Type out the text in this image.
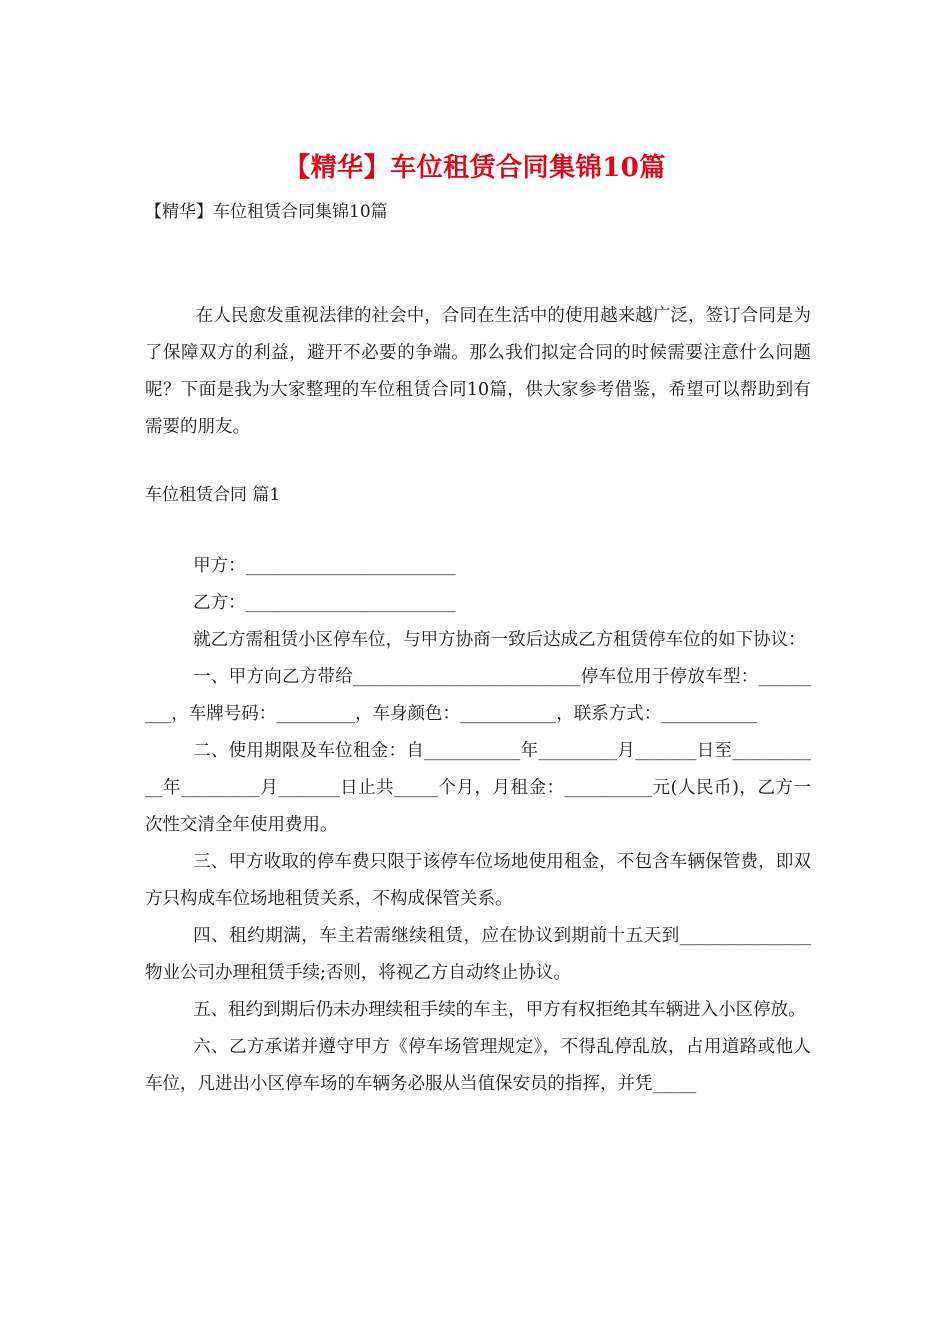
【精华】车位租赁合同集锦10篇
【精华】车位租赁合同集锦10篇
在人民愈发重视法律的社会中，合同在生活中的使用越来越广泛，签订合同是为了保障双方的利益，避开不必要的争端。那么我们拟定合同的时候需要注意什么问题呢？下面是我为大家整理的车位租赁合同10篇，供大家参考借鉴，希望可以帮助到有需要的朋友。
车位租赁合同 篇1

甲方：________________________

乙方：________________________

就乙方需租赁小区停车位，与甲方协商一致后达成乙方租赁停车位的如下协议：

一、甲方向乙方带给__________________________停车位用于停放车型：_________，车牌号码：_________，车身颜色：___________，联系方式：___________

二、使用期限及车位租金：自___________年_________月_______日至___________年_________月_______日止共_____个月，月租金：__________元(人民币)，乙方一次性交清全年使用费用。

三、甲方收取的停车费只限于该停车位场地使用租金，不包含车辆保管费，即双方只构成车位场地租赁关系，不构成保管关系。

四、租约期满，车主若需继续租赁，应在协议到期前十五天到_______________物业公司办理租赁手续;否则，将视乙方自动终止协议。

五、租约到期后仍未办理续租手续的车主，甲方有权拒绝其车辆进入小区停放。

六、乙方承诺并遵守甲方《停车场管理规定》，不得乱停乱放，占用道路或他人车位，凡进出小区停车场的车辆务必服从当值保安员的指挥，并凭_____
